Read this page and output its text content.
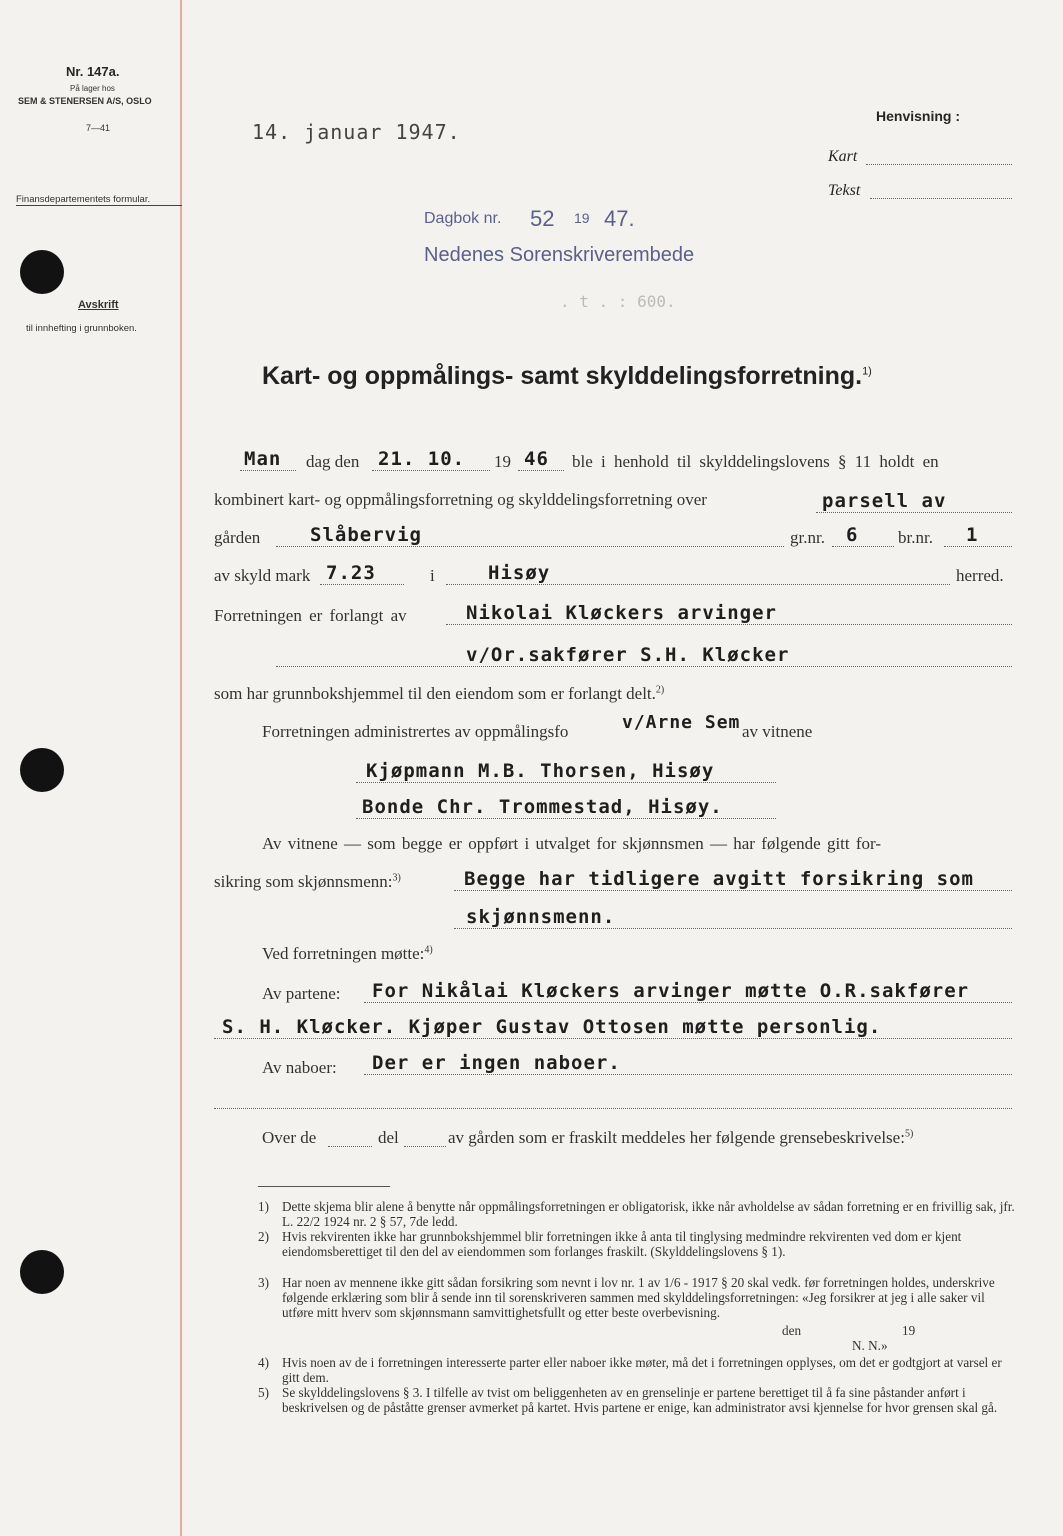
Nr. 147a.
På lager hos
SEM & STENERSEN A/S, OSLO
7—41
Finansdepartementets formular.
Avskrift
til innhefting i grunnboken.
Henvisning :
Kart
Tekst
14. januar 1947.
Dagbok nr. 52 19 47.
Nedenes Sorenskriverembede
. t . : 600.
Kart- og oppmålings- samt skylddelingsforretning.$^{1)}$
Man dag den 21. 10. 19 46 ble i henhold til skylddelingslovens § 11 holdt en
kombinert kart- og oppmålingsforretning og skylddelingsforretning over	parsell av
gården	Slåbervig	gr.nr. 6 br.nr. 1
av skyld mark 7.23	i	Hisøy	herred.
Forretningen er forlangt av	Nikolai Kløckers arvinger
v/Or.sakfører S.H. Kløcker
som har grunnbokshjemmel til den eiendom som er forlangt delt.$^{2)}$
Forretningen administrertes av oppmålingsfo	v/Arne Sem av vitnene
Kjøpmann M.B. Thorsen, Hisøy
Bonde Chr. Trommestad, Hisøy.
Av vitnene — som begge er oppført i utvalget for skjønnsmen — har følgende gitt for-
sikring som skjønnsmenn:$^{3)}$	Begge har tidligere avgitt forsikring som
skjønnsmenn.
Ved forretningen møtte:$^{4)}$
Av partene: For Nikålai Kløckers arvinger møtte O.R.sakfører
S. H. Kløcker. Kjøper Gustav Ottosen møtte personlig.
Av naboer: Der er ingen naboer.
Over de	del	av gården som er fraskilt meddeles her følgende grensebeskrivelse:$^{5)}$
1) Dette skjema blir alene å benytte når oppmålingsforretningen er obligatorisk, ikke når avholdelse av sådan forretning er en frivillig sak, jfr. L. 22/2 1924 nr. 2 § 57, 7de ledd.
2) Hvis rekvirenten ikke har grunnbokshjemmel blir forretningen ikke å anta til tinglysing medmindre rekvirenten ved dom er kjent eiendomsberettiget til den del av eiendommen som forlanges fraskilt. (Skylddelingslovens § 1).
3) Har noen av mennene ikke gitt sådan forsikring som nevnt i lov nr. 1 av 1/6 - 1917 § 20 skal vedk. før forretningen holdes, underskrive følgende erklæring som blir å sende inn til sorenskriveren sammen med skylddelingsforretningen: «Jeg forsikrer at jeg i alle saker vil utføre mitt hverv som skjønnsmann samvittighetsfullt og etter beste overbevisning.
den	19
N. N.»
4) Hvis noen av de i forretningen interesserte parter eller naboer ikke møter, må det i forretningen opplyses, om det er godtgjort at varsel er gitt dem.
5) Se skylddelingslovens § 3. I tilfelle av tvist om beliggenheten av en grenselinje er partene berettiget til å fa sine påstander anført i beskrivelsen og de påståtte grenser avmerket på kartet. Hvis partene er enige, kan administrator avsi kjennelse for hvor grensen skal gå.
